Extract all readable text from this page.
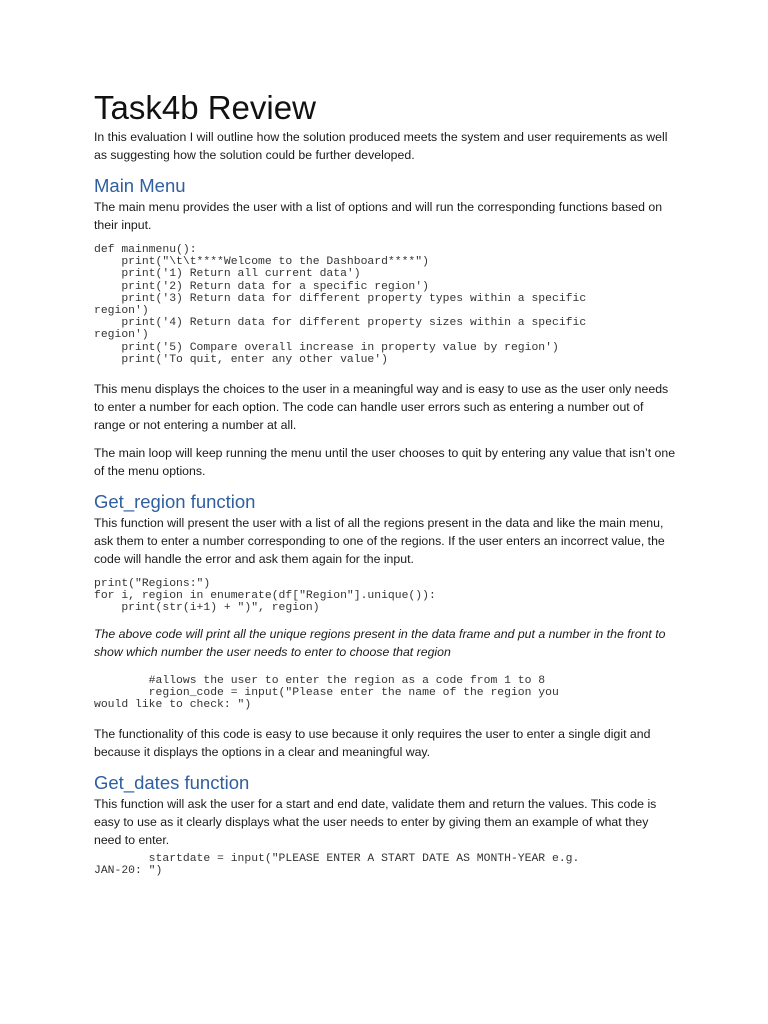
Task4b Review

In this evaluation I will outline how the solution produced meets the system and user requirements as well as suggesting how the solution could be further developed.

Main Menu

The main menu provides the user with a list of options and will run the corresponding functions based on their input.

def mainmenu():
print("\t\t****Welcome to the Dashboard****")
print('1) Return all current data')
print('2) Return data for a specific region')
print('3) Return data for different property types within a specific
region')
print('4) Return data for different property sizes within a specific
region')
print('5) Compare overall increase in property value by region')
print('To quit, enter any other value')

This menu displays the choices to the user in a meaningful way and is easy to use as the user only needs to enter a number for each option. The code can handle user errors such as entering a number out of range or not entering a number at all.

The main loop will keep running the menu until the user chooses to quit by entering any value that isn’t one of the menu options.

Get_region function

This function will present the user with a list of all the regions present in the data and like the main menu, ask them to enter a number corresponding to one of the regions. If the user enters an incorrect value, the code will handle the error and ask them again for the input.

print("Regions:")
for i, region in enumerate(df["Region"].unique()):
print(str(i+1) + ")", region)

The above code will print all the unique regions present in the data frame and put a number in the front to show which number the user needs to enter to choose that region

#allows the user to enter the region as a code from 1 to 8
region_code = input("Please enter the name of the region you
would like to check: ")

The functionality of this code is easy to use because it only requires the user to enter a single digit and because it displays the options in a clear and meaningful way.

Get_dates function

This function will ask the user for a start and end date, validate them and return the values. This code is easy to use as it clearly displays what the user needs to enter by giving them an example of what they need to enter.

startdate = input("PLEASE ENTER A START DATE AS MONTH-YEAR e.g.
JAN-20: ")
